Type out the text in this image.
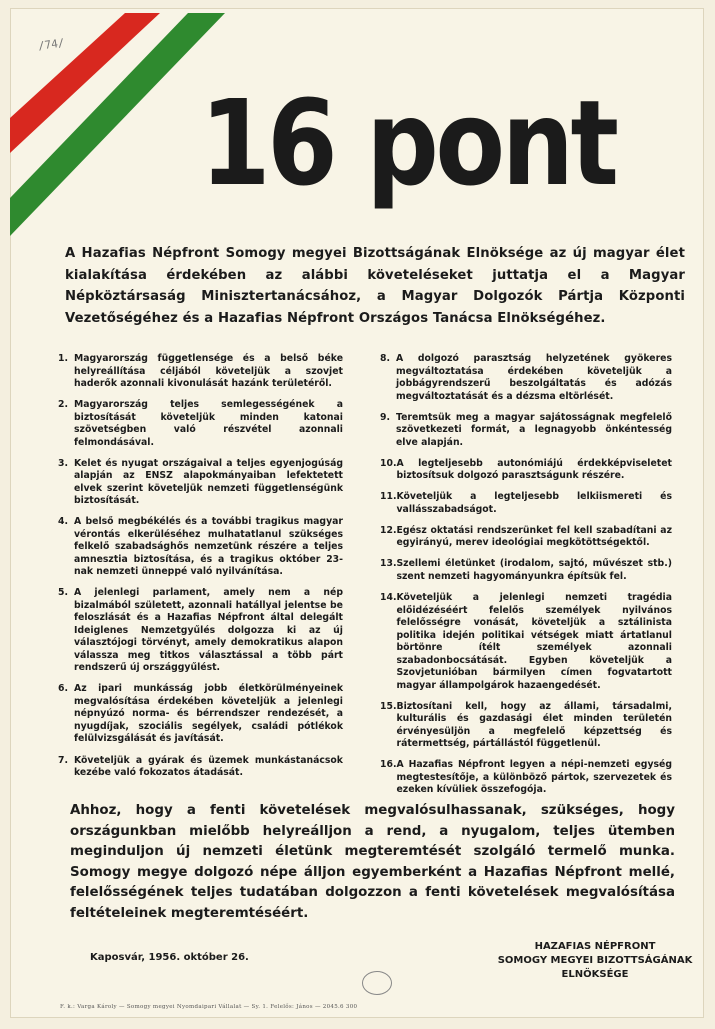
/74/
16 pont
A Hazafias Népfront Somogy megyei Bizottságának Elnöksége az új magyar élet kialakítása érdekében az alábbi követeléseket juttatja el a Magyar Népköztársaság Minisztertanácsához, a Magyar Dolgozók Pártja Központi Vezetőségéhez és a Hazafias Népfront Országos Tanácsa Elnökségéhez.
1. Magyarország függetlensége és a belső béke helyreállítása céljából követeljük a szovjet haderők azonnali kivonulását hazánk területéről.
2. Magyarország teljes semlegességének a biztosítását követeljük minden katonai szövetségben való részvétel azonnali felmondásával.
3. Kelet és nyugat országaival a teljes egyenjogúság alapján az ENSZ alapokmányaiban lefektetett elvek szerint követeljük nemzeti függetlenségünk biztosítását.
4. A belső megbékélés és a további tragikus magyar vérontás elkerüléséhez mulhatatlanul szükséges felkelő szabadsághős nemzetünk részére a teljes amnesztia biztosítása, és a tragikus október 23-nak nemzeti ünneppé való nyilvánítása.
5. A jelenlegi parlament, amely nem a nép bizalmából született, azonnali hatállyal jelentse be feloszlását és a Hazafias Népfront által delegált Ideiglenes Nemzetgyűlés dolgozza ki az új választójogi törvényt, amely demokratikus alapon válassza meg titkos választással a több párt rendszerű új országgyűlést.
6. Az ipari munkásság jobb életkörülményeinek megvalósítása érdekében követeljük a jelenlegi népnyúzó norma- és bérrendszer rendezését, a nyugdíjak, szociális segélyek, családi pótlékok felülvizsgálását és javítását.
7. Követeljük a gyárak és üzemek munkástanácsok kezébe való fokozatos átadását.
8. A dolgozó parasztság helyzetének gyökeres megváltoztatása érdekében követeljük a jobbágyrendszerű beszolgáltatás és adózás megváltoztatását és a dézsma eltörlését.
9. Teremtsük meg a magyar sajátosságnak megfelelő szövetkezeti formát, a legnagyobb önkéntesség elve alapján.
10. A legteljesebb autonómiájú érdekképviseletet biztosítsuk dolgozó parasztságunk részére.
11. Követeljük a legteljesebb lelkiismereti és vallásszabadságot.
12. Egész oktatási rendszerünket fel kell szabadítani az egyirányú, merev ideológiai megkötöttségektől.
13. Szellemi életünket (irodalom, sajtó, művészet stb.) szent nemzeti hagyományunkra építsük fel.
14. Követeljük a jelenlegi nemzeti tragédia előidézéséért felelős személyek nyilvános felelősségre vonását, követeljük a sztálinista politika idején politikai vétségek miatt ártatlanul börtönre ítélt személyek azonnali szabadonbocsátását. Egyben követeljük a Szovjetunióban bármilyen címen fogvatartott magyar állampolgárok hazaengedését.
15. Biztosítani kell, hogy az állami, társadalmi, kulturális és gazdasági élet minden területén érvényesüljön a megfelelő képzettség és rátermettség, pártállástól függetlenül.
16. A Hazafias Népfront legyen a népi-nemzeti egység megtestesítője, a különböző pártok, szervezetek és ezeken kívüliek összefogója.
Ahhoz, hogy a fenti követelések megvalósulhassanak, szükséges, hogy országunkban mielőbb helyreálljon a rend, a nyugalom, teljes ütemben meginduljon új nemzeti életünk megteremtését szolgáló termelő munka. Somogy megye dolgozó népe álljon egyemberként a Hazafias Népfront mellé, felelősségének teljes tudatában dolgozzon a fenti követelések megvalósítása feltételeinek megteremtéséért.
Kaposvár, 1956. október 26.
HAZAFIAS NÉPFRONT
SOMOGY MEGYEI BIZOTTSÁGÁNAK
ELNÖKSÉGE
F. k.: Varga Károly — Somogy megyei Nyomdaipari Vállalat — Sy. 1. Felelős: János — 2045.6 300
